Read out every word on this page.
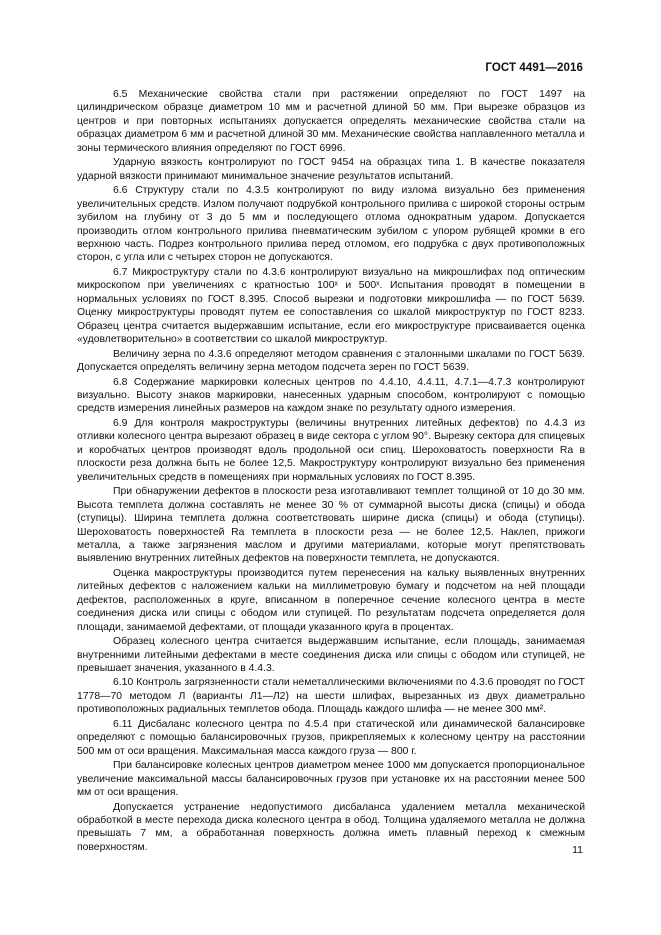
ГОСТ 4491—2016

6.5 Механические свойства стали при растяжении определяют по ГОСТ 1497 на цилиндрическом образце диаметром 10 мм и расчетной длиной 50 мм. При вырезке образцов из центров и при повторных испытаниях допускается определять механические свойства стали на образцах диаметром 6 мм и расчетной длиной 30 мм. Механические свойства наплавленного металла и зоны термического влияния определяют по ГОСТ 6996.

Ударную вязкость контролируют по ГОСТ 9454 на образцах типа 1. В качестве показателя ударной вязкости принимают минимальное значение результатов испытаний.

6.6 Структуру стали по 4.3.5 контролируют по виду излома визуально без применения увеличительных средств. Излом получают подрубкой контрольного прилива с широкой стороны острым зубилом на глубину от 3 до 5 мм и последующего отлома однократным ударом. Допускается производить отлом контрольного прилива пневматическим зубилом с упором рубящей кромки в его верхнюю часть. Подрез контрольного прилива перед отломом, его подрубка с двух противоположных сторон, с угла или с четырех сторон не допускаются.

6.7 Микроструктуру стали по 4.3.6 контролируют визуально на микрошлифах под оптическим микроскопом при увеличениях с кратностью 100ˣ и 500ˣ. Испытания проводят в помещении в нормальных условиях по ГОСТ 8.395. Способ вырезки и подготовки микрошлифа — по ГОСТ 5639. Оценку микроструктуры проводят путем ее сопоставления со шкалой микроструктур по ГОСТ 8233. Образец центра считается выдержавшим испытание, если его микроструктуре присваивается оценка «удовлетворительно» в соответствии со шкалой микроструктур.

Величину зерна по 4.3.6 определяют методом сравнения с эталонными шкалами по ГОСТ 5639. Допускается определять величину зерна методом подсчета зерен по ГОСТ 5639.

6.8 Содержание маркировки колесных центров по 4.4.10, 4.4.11, 4.7.1—4.7.3 контролируют визуально. Высоту знаков маркировки, нанесенных ударным способом, контролируют с помощью средств измерения линейных размеров на каждом знаке по результату одного измерения.

6.9 Для контроля макроструктуры (величины внутренних литейных дефектов) по 4.4.3 из отливки колесного центра вырезают образец в виде сектора с углом 90°. Вырезку сектора для спицевых и коробчатых центров производят вдоль продольной оси спиц. Шероховатость поверхности Ra в плоскости реза должна быть не более 12,5. Макроструктуру контролируют визуально без применения увеличительных средств в помещениях при нормальных условиях по ГОСТ 8.395.

При обнаружении дефектов в плоскости реза изготавливают темплет толщиной от 10 до 30 мм. Высота темплета должна составлять не менее 30 % от суммарной высоты диска (спицы) и обода (ступицы). Ширина темплета должна соответствовать ширине диска (спицы) и обода (ступицы). Шероховатость поверхностей Ra темплета в плоскости реза — не более 12,5. Наклеп, прижоги металла, а также загрязнения маслом и другими материалами, которые могут препятствовать выявлению внутренних литейных дефектов на поверхности темплета, не допускаются.

Оценка макроструктуры производится путем перенесения на кальку выявленных внутренних литейных дефектов с наложением кальки на миллиметровую бумагу и подсчетом на ней площади дефектов, расположенных в круге, вписанном в поперечное сечение колесного центра в месте соединения диска или спицы с ободом или ступицей. По результатам подсчета определяется доля площади, занимаемой дефектами, от площади указанного круга в процентах.

Образец колесного центра считается выдержавшим испытание, если площадь, занимаемая внутренними литейными дефектами в месте соединения диска или спицы с ободом или ступицей, не превышает значения, указанного в 4.4.3.

6.10 Контроль загрязненности стали неметаллическими включениями по 4.3.6 проводят по ГОСТ 1778—70 методом Л (варианты Л1—Л2) на шести шлифах, вырезанных из двух диаметрально противоположных радиальных темплетов обода. Площадь каждого шлифа — не менее 300 мм².

6.11 Дисбаланс колесного центра по 4.5.4 при статической или динамической балансировке определяют с помощью балансировочных грузов, прикрепляемых к колесному центру на расстоянии 500 мм от оси вращения. Максимальная масса каждого груза — 800 г.

При балансировке колесных центров диаметром менее 1000 мм допускается пропорциональное увеличение максимальной массы балансировочных грузов при установке их на расстоянии менее 500 мм от оси вращения.

Допускается устранение недопустимого дисбаланса удалением металла механической обработкой в месте перехода диска колесного центра в обод. Толщина удаляемого металла не должна превышать 7 мм, а обработанная поверхность должна иметь плавный переход к смежным поверхностям.	11
